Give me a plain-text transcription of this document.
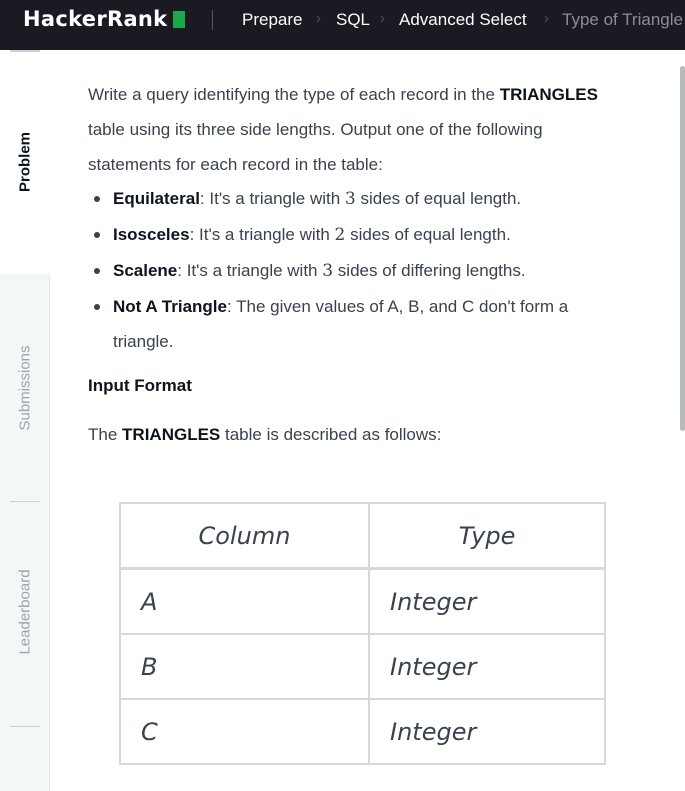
HackerRank	Prepare › SQL › Advanced Select › Type of Triangle
Problem
Submissions
Leaderboard

Write a query identifying the type of each record in the TRIANGLES table using its three side lengths. Output one of the following statements for each record in the table:

Equilateral: It's a triangle with 3 sides of equal length.
Isosceles: It's a triangle with 2 sides of equal length.
Scalene: It's a triangle with 3 sides of differing lengths.
Not A Triangle: The given values of A, B, and C don't form a triangle.
Input Format

The TRIANGLES table is described as follows:

Column	Type
A	Integer
B	Integer
C	Integer
